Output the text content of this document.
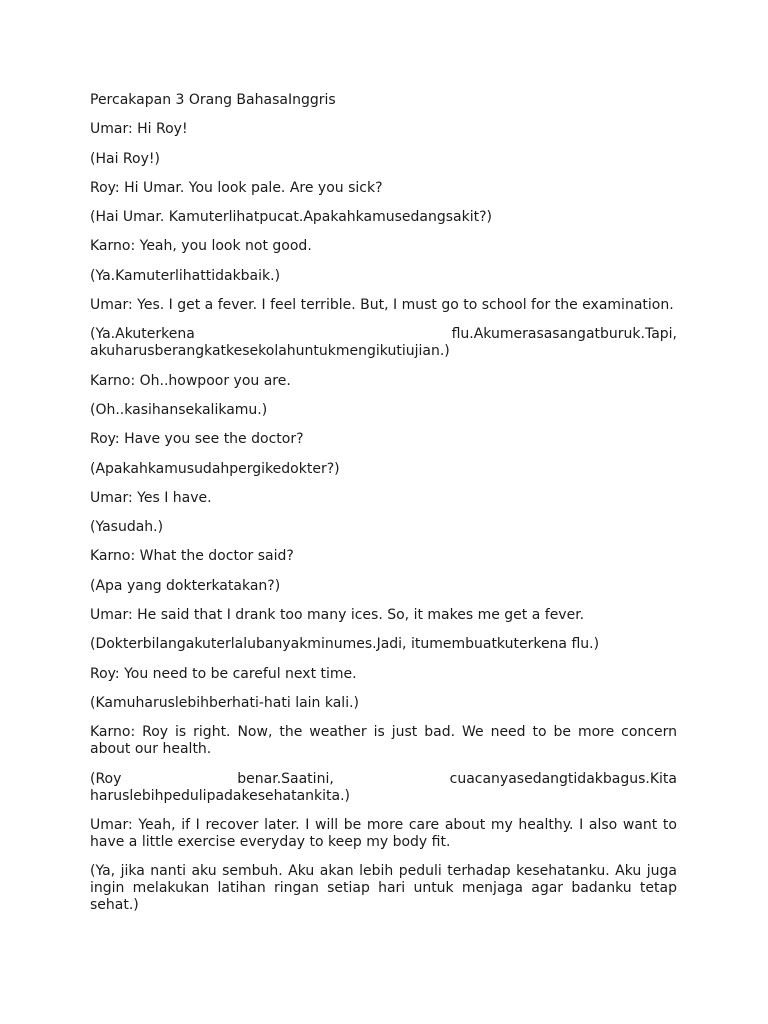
Percakapan 3 Orang BahasaInggris

Umar: Hi Roy!

(Hai Roy!)

Roy: Hi Umar. You look pale. Are you sick?

(Hai Umar. Kamuterlihatpucat.Apakahkamusedangsakit?)

Karno: Yeah, you look not good.

(Ya.Kamuterlihattidakbaik.)

Umar: Yes. I get a fever. I feel terrible. But, I must go to school for the examination.

(Ya.Akuterkena flu.Akumerasasangatburuk.Tapi, akuharusberangkatkesekolahuntukmengikutiujian.)

Karno: Oh..howpoor you are.

(Oh..kasihansekalikamu.)

Roy: Have you see the doctor?

(Apakahkamusudahpergikedokter?)

Umar: Yes I have.

(Yasudah.)

Karno: What the doctor said?

(Apa yang dokterkatakan?)

Umar: He said that I drank too many ices. So, it makes me get a fever.

(Dokterbilangakuterlalubanyakminumes.Jadi, itumembuatkuterkena flu.)

Roy: You need to be careful next time.

(Kamuharuslebihberhati-hati lain kali.)

Karno: Roy is right. Now, the weather is just bad. We need to be more concern about our health.

(Roy benar.Saatini, cuacanyasedangtidakbagus.Kita haruslebihpedulipadakesehatankita.)

Umar: Yeah, if I recover later. I will be more care about my healthy. I also want to have a little exercise everyday to keep my body fit.

(Ya, jika nanti aku sembuh. Aku akan lebih peduli terhadap kesehatanku. Aku juga ingin melakukan latihan ringan setiap hari untuk menjaga agar badanku tetap sehat.)
